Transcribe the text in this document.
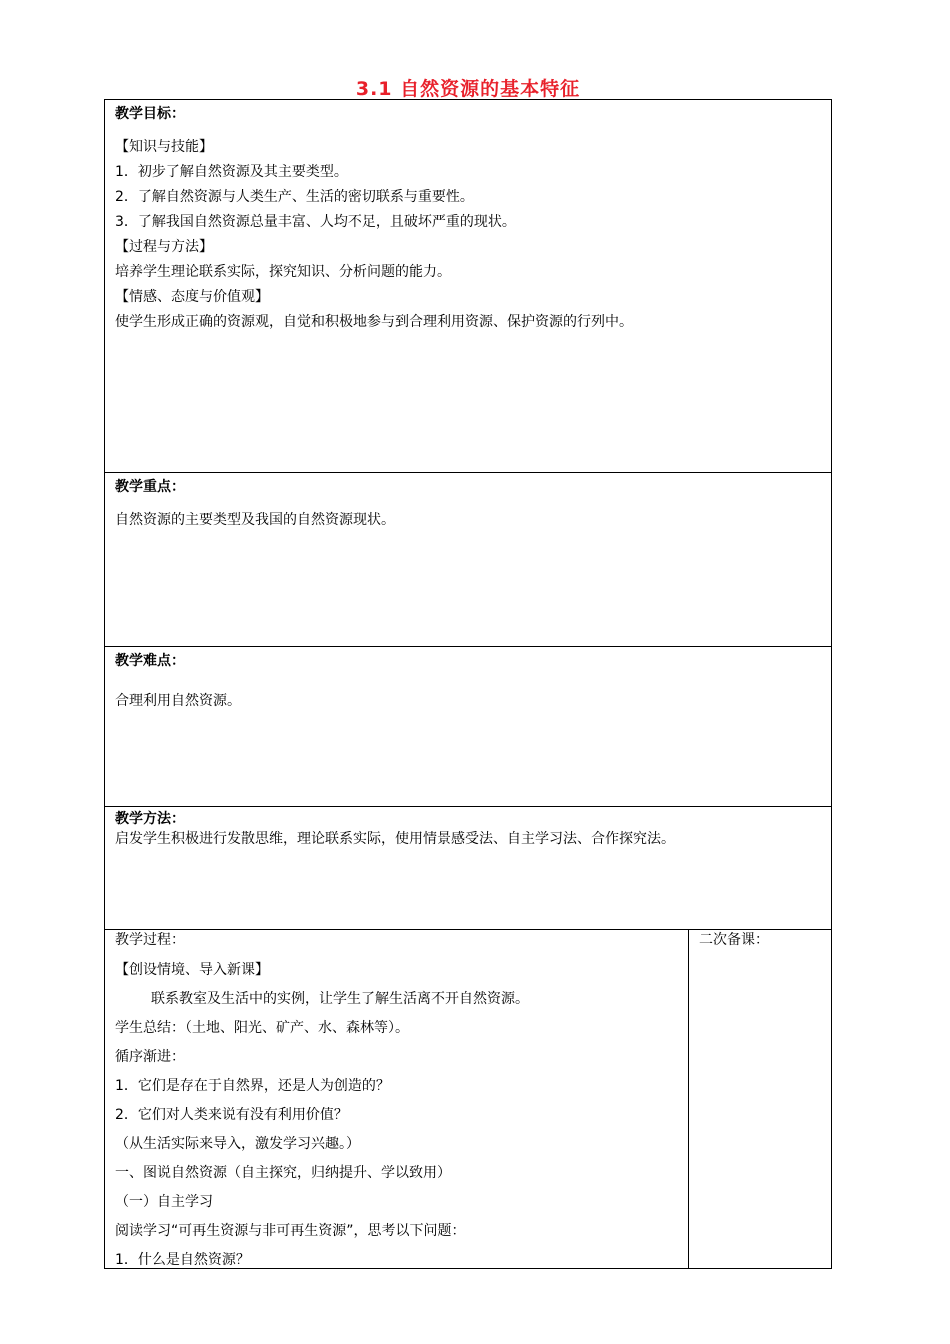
3.1 自然资源的基本特征
教学目标：
【知识与技能】
1．初步了解自然资源及其主要类型。
2．了解自然资源与人类生产、生活的密切联系与重要性。
3．了解我国自然资源总量丰富、人均不足，且破坏严重的现状。
【过程与方法】
培养学生理论联系实际，探究知识、分析问题的能力。
【情感、态度与价值观】
使学生形成正确的资源观，自觉和积极地参与到合理利用资源、保护资源的行列中。
教学重点：
自然资源的主要类型及我国的自然资源现状。
教学难点：
合理利用自然资源。
教学方法：
启发学生积极进行发散思维，理论联系实际，使用情景感受法、自主学习法、合作探究法。
教学过程：
【创设情境、导入新课】
联系教室及生活中的实例，让学生了解生活离不开自然资源。
学生总结：（土地、阳光、矿产、水、森林等）。
循序渐进：
1．它们是存在于自然界，还是人为创造的？
2．它们对人类来说有没有利用价值？
（从生活实际来导入，激发学习兴趣。）
一、图说自然资源（自主探究，归纳提升、学以致用）
（一）自主学习
阅读学习“可再生资源与非可再生资源”，思考以下问题：
1．什么是自然资源？
二次备课：
